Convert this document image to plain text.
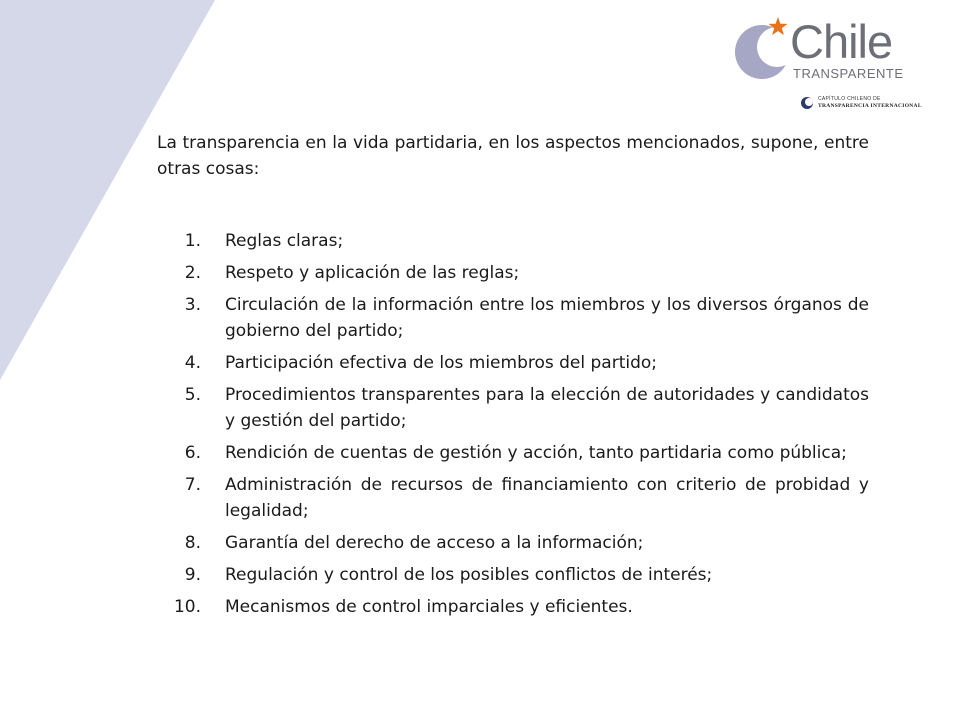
Chile
TRANSPARENTE
CAPÍTULO CHILENO DE
TRANSPARENCIA INTERNACIONAL

La transparencia en la vida partidaria, en los aspectos mencionados, supone, entre otras cosas:

1. Reglas claras;
2. Respeto y aplicación de las reglas;
3. Circulación de la información entre los miembros y los diversos órganos de gobierno del partido;
4. Participación efectiva de los miembros del partido;
5. Procedimientos transparentes para la elección de autoridades y candidatos y gestión del partido;
6. Rendición de cuentas de gestión y acción, tanto partidaria como pública;
7. Administración de recursos de financiamiento con criterio de probidad y legalidad;
8. Garantía del derecho de acceso a la información;
9. Regulación y control de los posibles conflictos de interés;
10. Mecanismos de control imparciales y eficientes.
